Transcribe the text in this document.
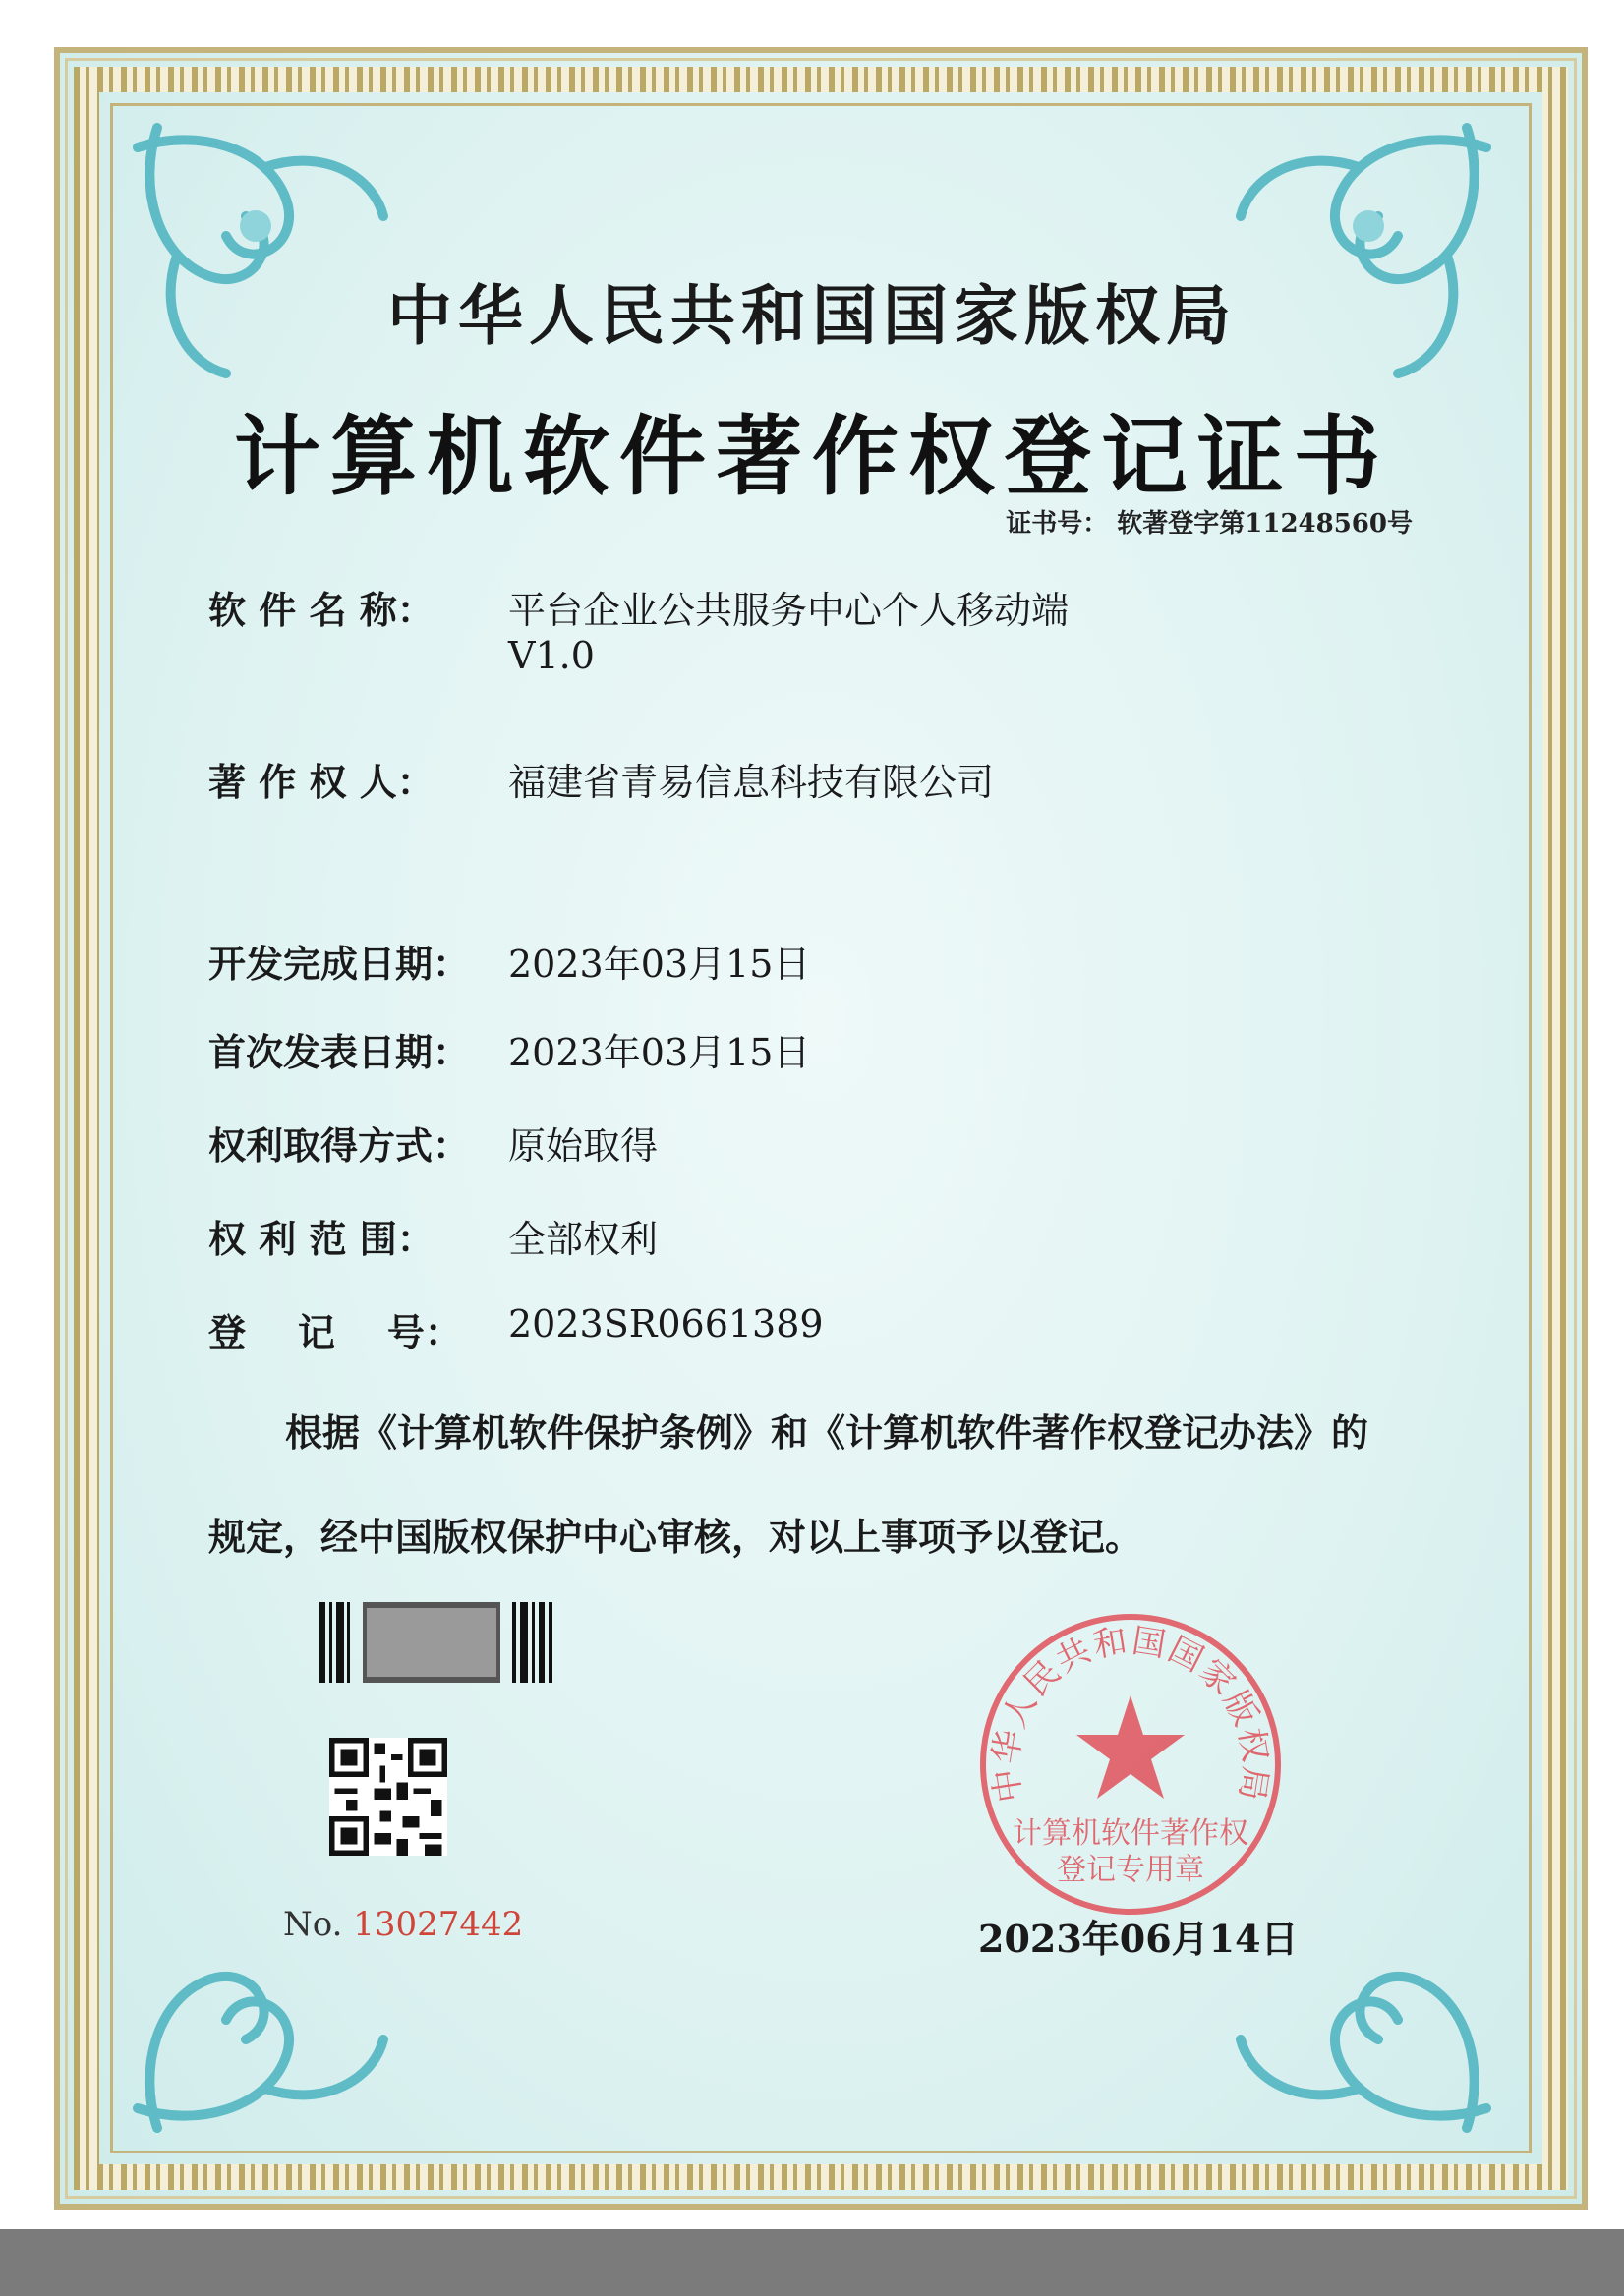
中华人民共和国国家版权局
计算机软件著作权登记证书
证书号： 软著登字第11248560号
软 件 名 称： 平台企业公共服务中心个人移动端
V1.0
著 作 权 人： 福建省青易信息科技有限公司
开发完成日期： 2023年03月15日
首次发表日期： 2023年03月15日
权利取得方式： 原始取得
权 利 范 围： 全部权利
登    记    号： 2023SR0661389
根据《计算机软件保护条例》和《计算机软件著作权登记办法》的
规定，经中国版权保护中心审核，对以上事项予以登记。
No. 13027442
中华人民共和国国家版权局
计算机软件著作权
登记专用章
2023年06月14日
